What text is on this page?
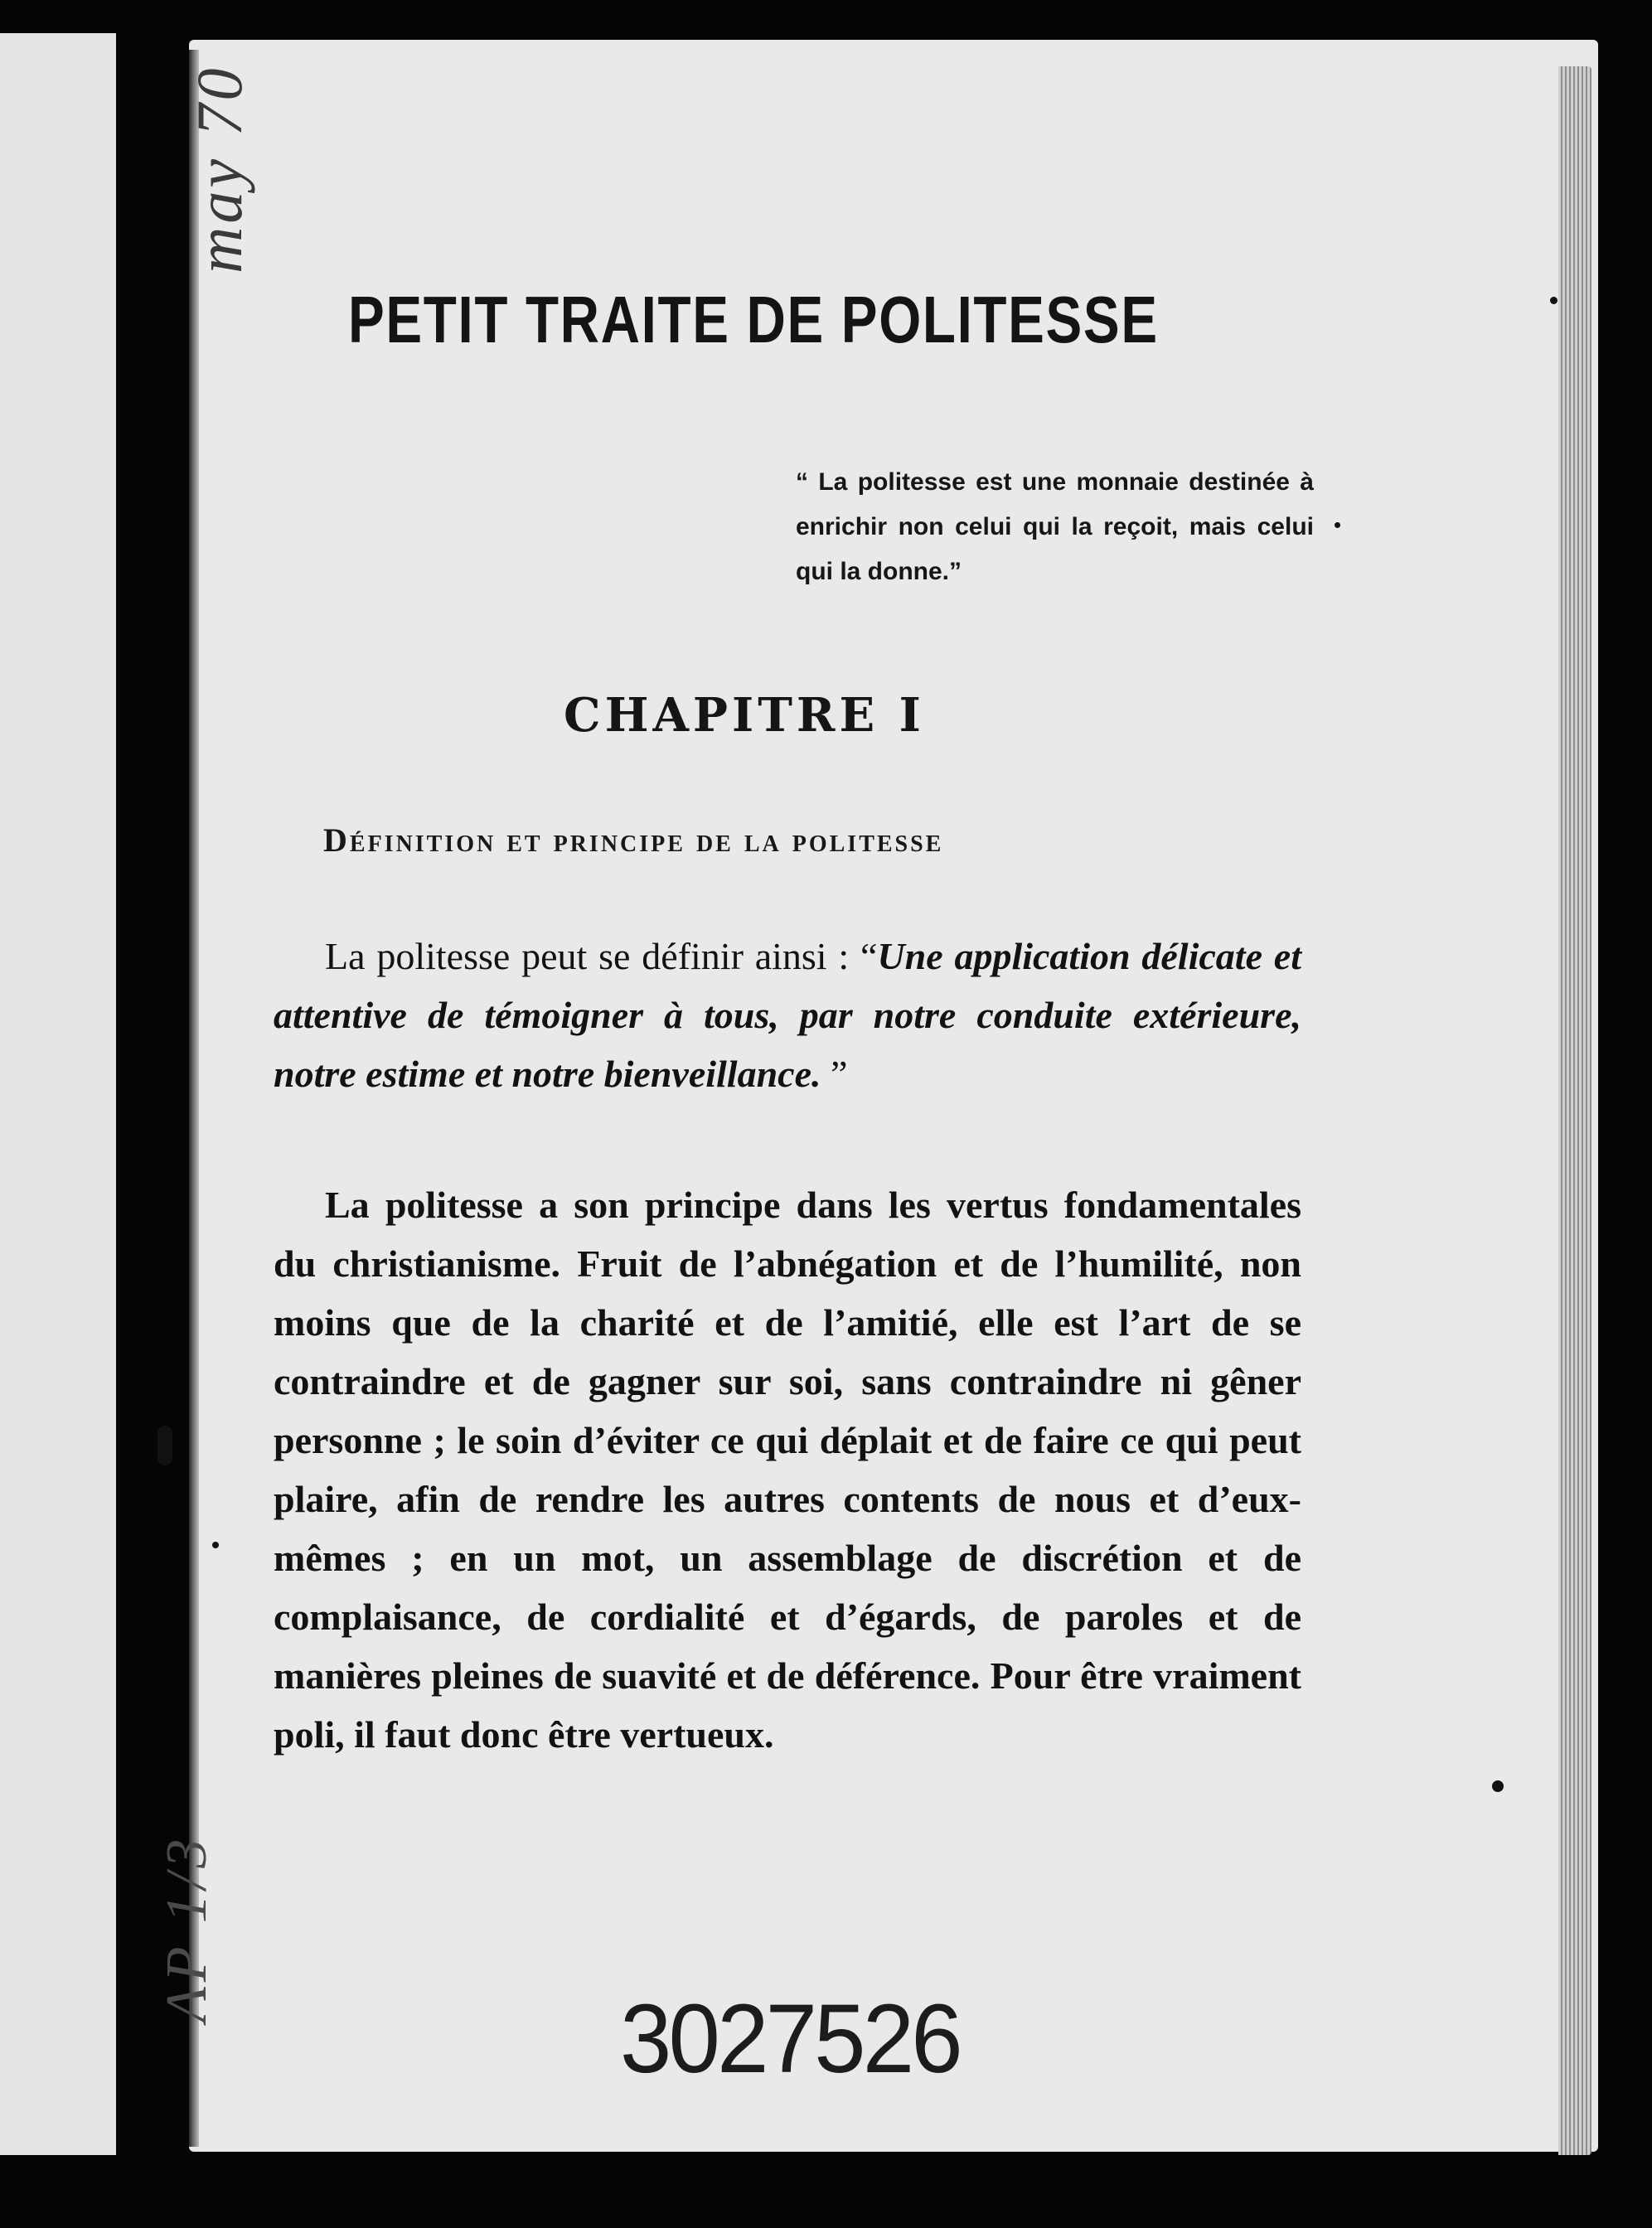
may 70
AP 1/3
PETIT TRAITE DE POLITESSE

“ La politesse est une monnaie destinée à enrichir non celui qui la reçoit, mais celui qui la donne.”

CHAPITRE I
Définition et principe de la politesse

La politesse peut se définir ainsi : “Une application délicate et attentive de témoigner à tous, par notre conduite extérieure, notre estime et notre bienveillance. ”

La politesse a son principe dans les vertus fondamentales du christianisme. Fruit de l’abnégation et de l’humilité, non moins que de la charité et de l’amitié, elle est l’art de se contraindre et de gagner sur soi, sans contraindre ni gêner personne ; le soin d’éviter ce qui déplait et de faire ce qui peut plaire, afin de rendre les autres contents de nous et d’eux-mêmes ; en un mot, un assemblage de discrétion et de complaisance, de cordialité et d’égards, de paroles et de manières pleines de suavité et de déférence. Pour être vraiment poli, il faut donc être vertueux.

3027526
